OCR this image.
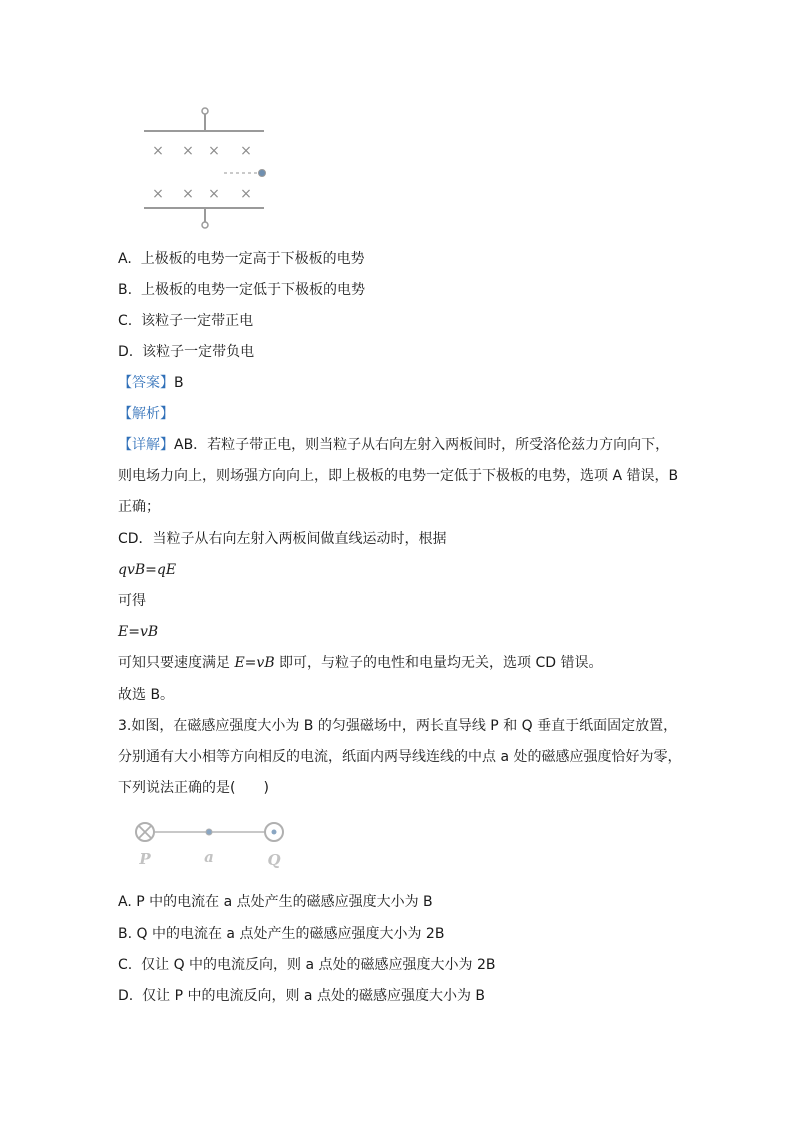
× × × ×
× × × ×
A. 上极板的电势一定高于下极板的电势
B. 上极板的电势一定低于下极板的电势
C. 该粒子一定带正电
D. 该粒子一定带负电
【答案】B
【解析】
【详解】AB．若粒子带正电，则当粒子从右向左射入两板间时，所受洛伦兹力方向向下，
则电场力向上，则场强方向向上，即上极板的电势一定低于下极板的电势，选项 A 错误，B
正确；
CD．当粒子从右向左射入两板间做直线运动时，根据
qvB=qE
可得
E=vB
可知只要速度满足 E=vB 即可，与粒子的电性和电量均无关，选项 CD 错误。
故选 B。
3.如图，在磁感应强度大小为 B 的匀强磁场中，两长直导线 P 和 Q 垂直于纸面固定放置，
分别通有大小相等方向相反的电流，纸面内两导线连线的中点 a 处的磁感应强度恰好为零，
下列说法正确的是(　　)
P	a	Q
A. P 中的电流在 a 点处产生的磁感应强度大小为 B
B. Q 中的电流在 a 点处产生的磁感应强度大小为 2B
C. 仅让 Q 中的电流反向，则 a 点处的磁感应强度大小为 2B
D. 仅让 P 中的电流反向，则 a 点处的磁感应强度大小为 B
